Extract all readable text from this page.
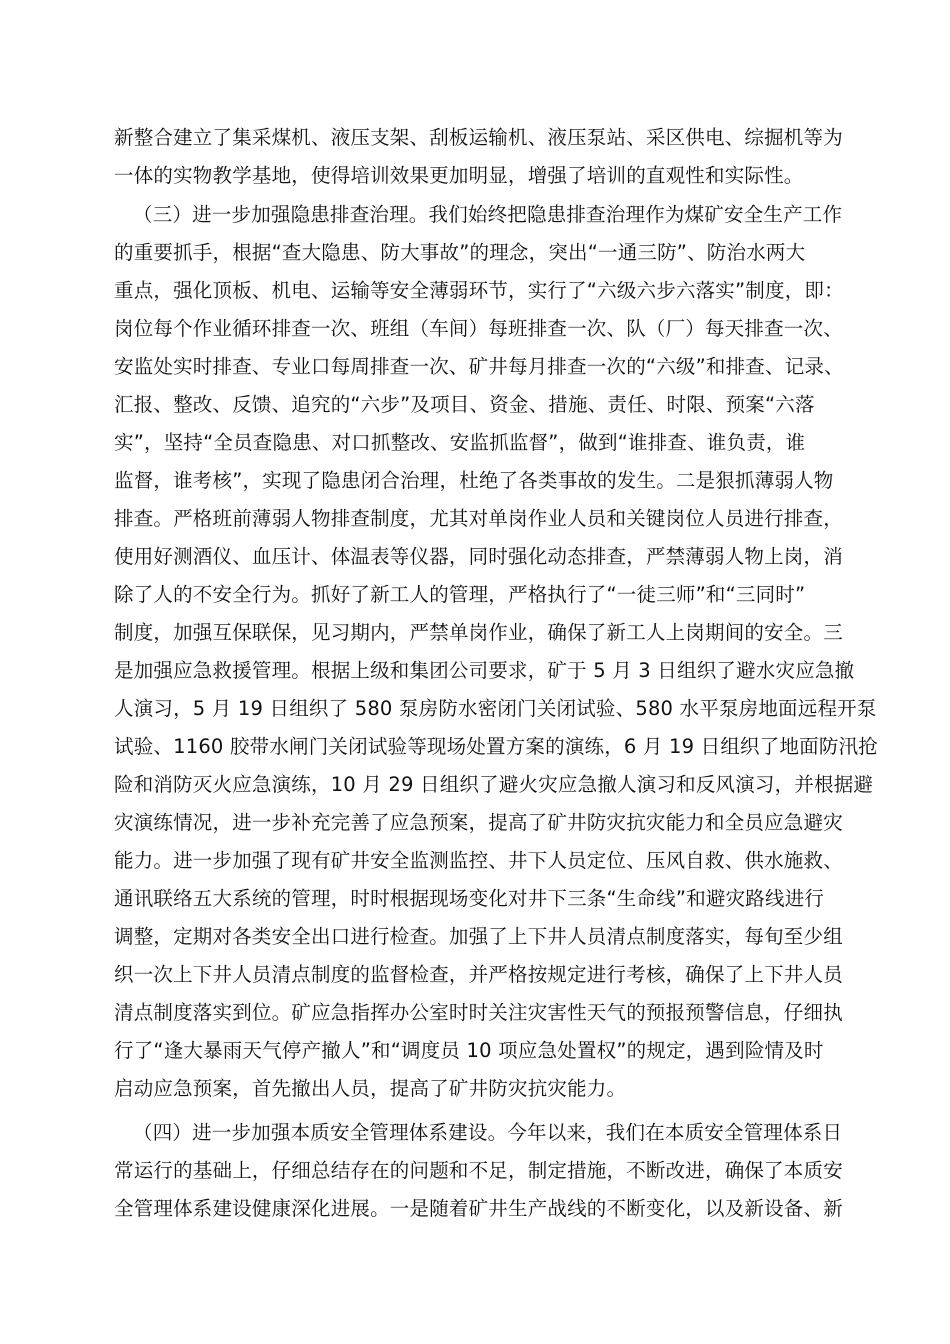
新整合建立了集采煤机、液压支架、刮板运输机、液压泵站、采区供电、综掘机等为
一体的实物教学基地，使得培训效果更加明显，增强了培训的直观性和实际性。
（三）进一步加强隐患排查治理。我们始终把隐患排查治理作为煤矿安全生产工作
的重要抓手，根据“查大隐患、防大事故”的理念，突出“一通三防”、防治水两大
重点，强化顶板、机电、运输等安全薄弱环节，实行了“六级六步六落实”制度，即：
岗位每个作业循环排查一次、班组（车间）每班排查一次、队（厂）每天排查一次、
安监处实时排查、专业口每周排查一次、矿井每月排查一次的“六级”和排查、记录、
汇报、整改、反馈、追究的“六步”及项目、资金、措施、责任、时限、预案“六落
实”，坚持“全员查隐患、对口抓整改、安监抓监督”，做到“谁排查、谁负责，谁
监督，谁考核”，实现了隐患闭合治理，杜绝了各类事故的发生。二是狠抓薄弱人物
排查。严格班前薄弱人物排查制度，尤其对单岗作业人员和关键岗位人员进行排查，
使用好测酒仪、血压计、体温表等仪器，同时强化动态排查，严禁薄弱人物上岗，消
除了人的不安全行为。抓好了新工人的管理，严格执行了“一徒三师”和“三同时”
制度，加强互保联保，见习期内，严禁单岗作业，确保了新工人上岗期间的安全。三
是加强应急救援管理。根据上级和集团公司要求，矿于 5 月 3 日组织了避水灾应急撤
人演习，5 月 19 日组织了 580 泵房防水密闭门关闭试验、580 水平泵房地面远程开泵
试验、1160 胶带水闸门关闭试验等现场处置方案的演练，6 月 19 日组织了地面防汛抢
险和消防灭火应急演练，10 月 29 日组织了避火灾应急撤人演习和反风演习，并根据避
灾演练情况，进一步补充完善了应急预案，提高了矿井防灾抗灾能力和全员应急避灾
能力。进一步加强了现有矿井安全监测监控、井下人员定位、压风自救、供水施救、
通讯联络五大系统的管理，时时根据现场变化对井下三条“生命线”和避灾路线进行
调整，定期对各类安全出口进行检查。加强了上下井人员清点制度落实，每旬至少组
织一次上下井人员清点制度的监督检查，并严格按规定进行考核，确保了上下井人员
清点制度落实到位。矿应急指挥办公室时时关注灾害性天气的预报预警信息，仔细执
行了“逢大暴雨天气停产撤人”和“调度员 10 项应急处置权”的规定，遇到险情及时
启动应急预案，首先撤出人员，提高了矿井防灾抗灾能力。
（四）进一步加强本质安全管理体系建设。今年以来，我们在本质安全管理体系日
常运行的基础上，仔细总结存在的问题和不足，制定措施，不断改进，确保了本质安
全管理体系建设健康深化进展。一是随着矿井生产战线的不断变化，以及新设备、新
